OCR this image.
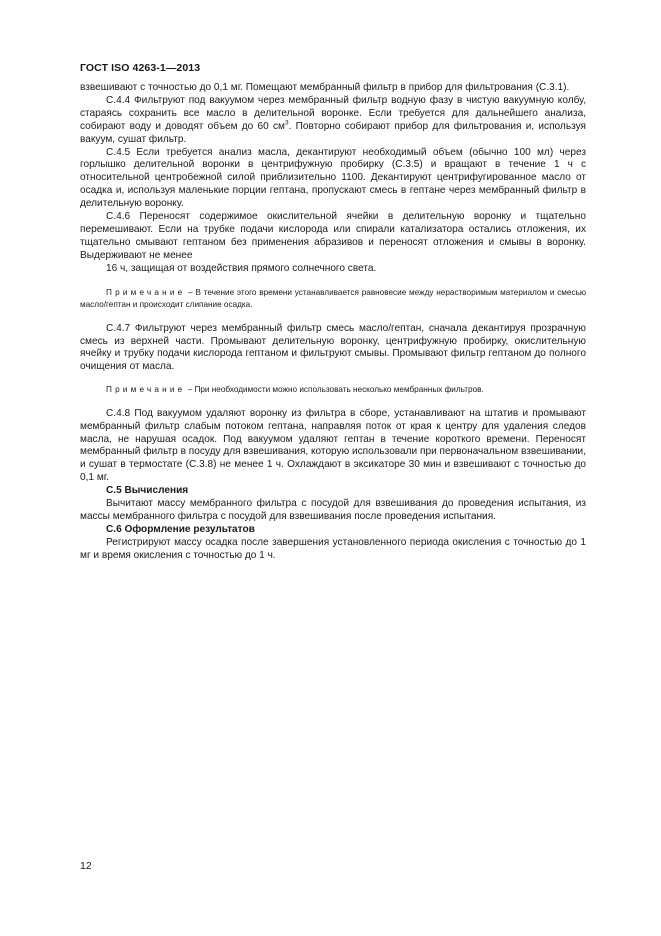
ГОСТ ISO 4263-1—2013

взвешивают с точностью до 0,1 мг. Помещают мембранный фильтр в прибор для фильтрования (С.3.1).

С.4.4 Фильтруют под вакуумом через мембранный фильтр водную фазу в чистую вакуумную колбу, стараясь сохранить все масло в делительной воронке. Если требуется для дальнейшего анализа, собирают воду и доводят объем до 60 $см^3$. Повторно собирают прибор для фильтрования и, используя вакуум, сушат фильтр.

С.4.5 Если требуется анализ масла, декантируют необходимый объем (обычно 100 мл) через горлышко делительной воронки в центрифужную пробирку (С.3.5) и вращают в течение 1 ч с относительной центробежной силой приблизительно 1100. Декантируют центрифугированное масло от осадка и, используя маленькие порции гептана, пропускают смесь в гептане через мембранный фильтр в делительную воронку.

С.4.6 Переносят содержимое окислительной ячейки в делительную воронку и тщательно перемешивают. Если на трубке подачи кислорода или спирали катализатора остались отложения, их тщательно смывают гептаном без применения абразивов и переносят отложения и смывы в воронку. Выдерживают не менее

16 ч, защищая от воздействия прямого солнечного света.

Примечание – В течение этого времени устанавливается равновесие между нерастворимым материалом и смесью масло/гептан и происходит слипание осадка.

С.4.7 Фильтруют через мембранный фильтр смесь масло/гептан, сначала декантируя прозрачную смесь из верхней части. Промывают делительную воронку, центрифужную пробирку, окислительную ячейку и трубку подачи кислорода гептаном и фильтруют смывы. Промывают фильтр гептаном до полного очищения от масла.

Примечание – При необходимости можно использовать несколько мембранных фильтров.

С.4.8 Под вакуумом удаляют воронку из фильтра в сборе, устанавливают на штатив и промывают мембранный фильтр слабым потоком гептана, направляя поток от края к центру для удаления следов масла, не нарушая осадок. Под вакуумом удаляют гептан в течение короткого времени. Переносят мембранный фильтр в посуду для взвешивания, которую использовали при первоначальном взвешивании, и сушат в термостате (С.3.8) не менее 1 ч. Охлаждают в эксикаторе 30 мин и взвешивают с точностью до 0,1 мг.

С.5 Вычисления

Вычитают массу мембранного фильтра с посудой для взвешивания до проведения испытания, из массы мембранного фильтра с посудой для взвешивания после проведения испытания.

С.6 Оформление результатов

Регистрируют массу осадка после завершения установленного периода окисления с точностью до 1 мг и время окисления с точностью до 1 ч.

12
